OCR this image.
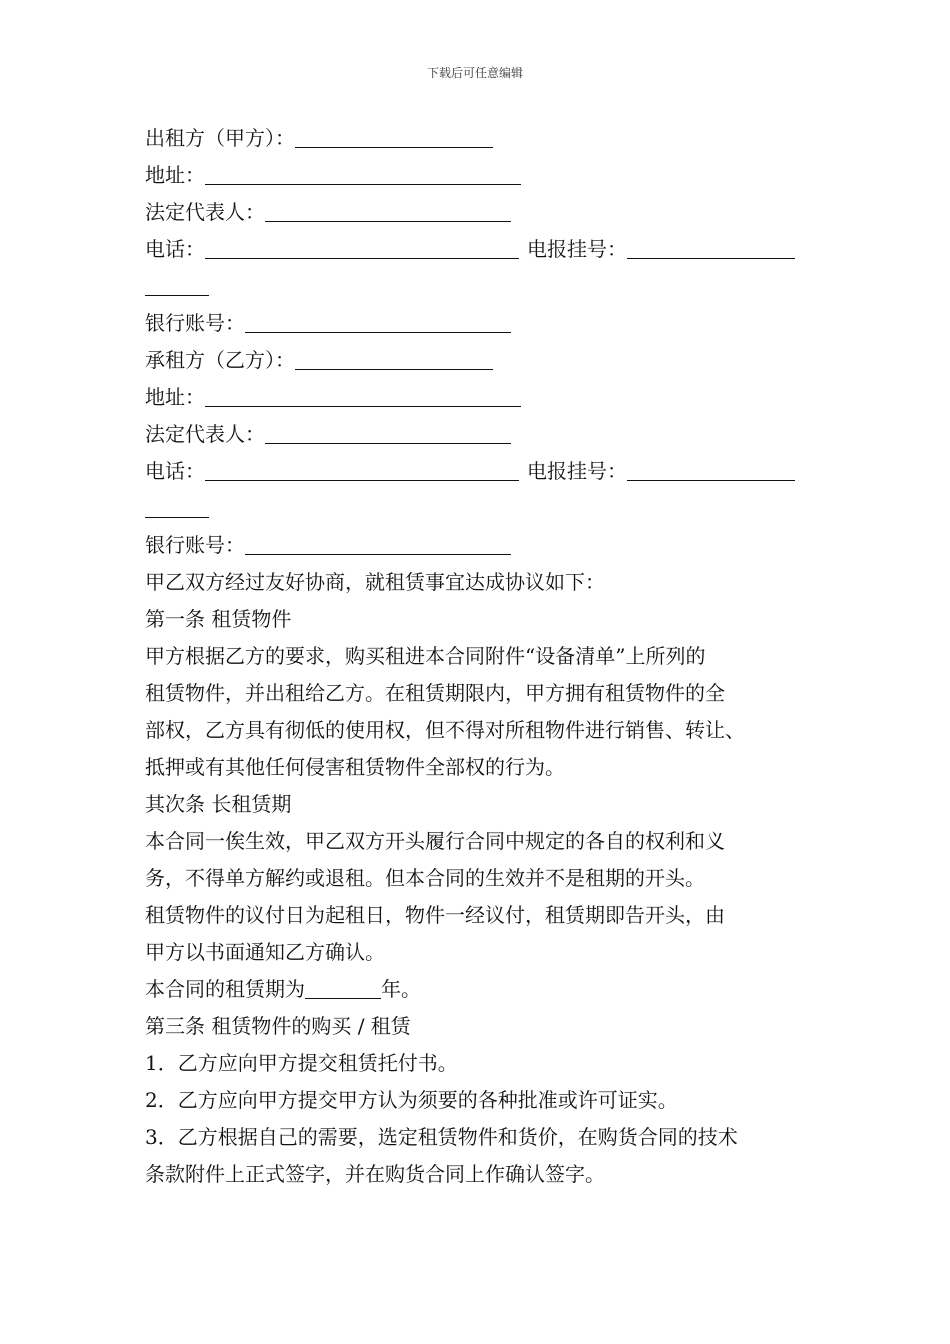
下载后可任意编辑
出租方（甲方）：
地址：
法定代表人：
电话：	电报挂号：
银行账号：
承租方（乙方）：
地址：
法定代表人：
电话：	电报挂号：
银行账号：
甲乙双方经过友好协商，就租赁事宜达成协议如下：
第一条 租赁物件
甲方根据乙方的要求，购买租进本合同附件“设备清单”上所列的
租赁物件，并出租给乙方。在租赁期限内，甲方拥有租赁物件的全
部权，乙方具有彻低的使用权，但不得对所租物件进行销售、转让、
抵押或有其他任何侵害租赁物件全部权的行为。
其次条 长租赁期
本合同一俟生效，甲乙双方开头履行合同中规定的各自的权利和义
务，不得单方解约或退租。但本合同的生效并不是租期的开头。
租赁物件的议付日为起租日，物件一经议付，租赁期即告开头，由
甲方以书面通知乙方确认。
本合同的租赁期为	年。
第三条 租赁物件的购买 / 租赁
1．乙方应向甲方提交租赁托付书。
2．乙方应向甲方提交甲方认为须要的各种批准或许可证实。
3．乙方根据自己的需要，选定租赁物件和货价，在购货合同的技术
条款附件上正式签字，并在购货合同上作确认签字。
